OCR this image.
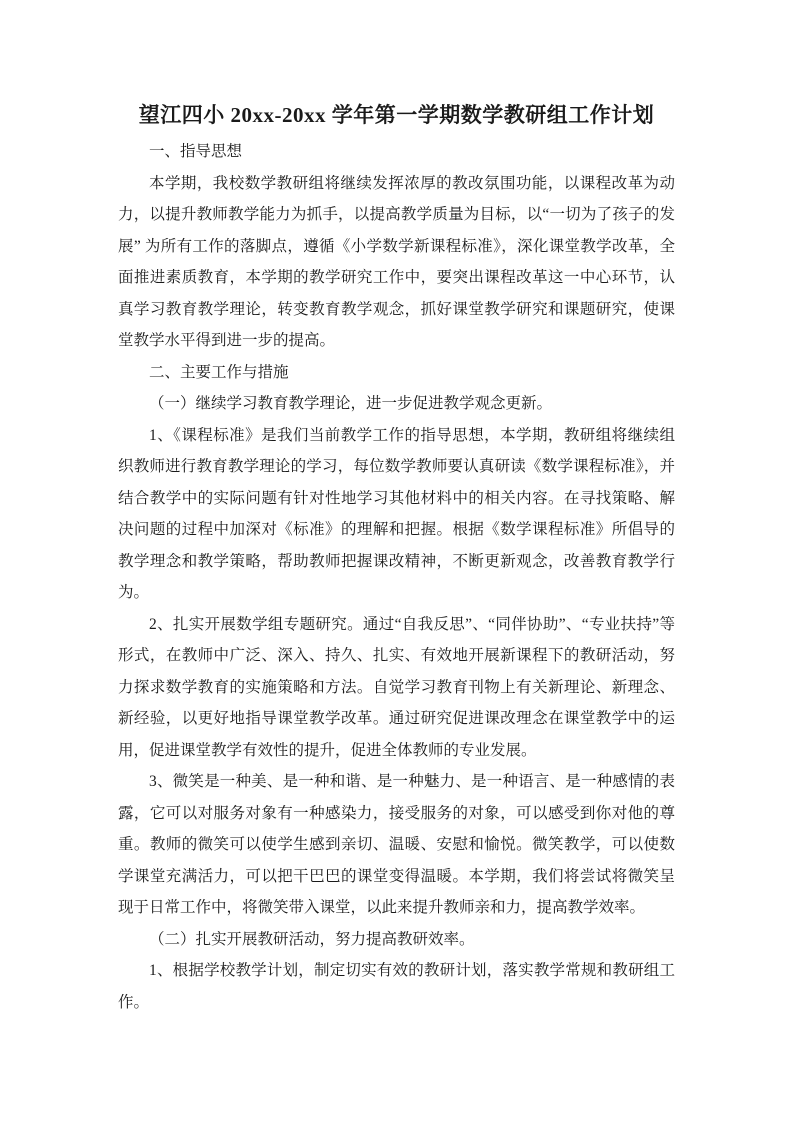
望江四小 20xx-20xx 学年第一学期数学教研组工作计划

一、指导思想

本学期，我校数学教研组将继续发挥浓厚的教改氛围功能，以课程改革为动力，以提升教师教学能力为抓手，以提高教学质量为目标，以“一切为了孩子的发展” 为所有工作的落脚点，遵循《小学数学新课程标准》，深化课堂教学改革，全面推进素质教育，本学期的教学研究工作中，要突出课程改革这一中心环节，认真学习教育教学理论，转变教育教学观念，抓好课堂教学研究和课题研究，使课堂教学水平得到进一步的提高。

二、主要工作与措施

（一）继续学习教育教学理论，进一步促进教学观念更新。

1、《课程标准》是我们当前教学工作的指导思想，本学期，教研组将继续组织教师进行教育教学理论的学习，每位数学教师要认真研读《数学课程标准》，并结合教学中的实际问题有针对性地学习其他材料中的相关内容。在寻找策略、解决问题的过程中加深对《标准》的理解和把握。根据《数学课程标准》所倡导的教学理念和教学策略，帮助教师把握课改精神，不断更新观念，改善教育教学行为。

2、扎实开展数学组专题研究。通过“自我反思”、“同伴协助”、“专业扶持”等形式，在教师中广泛、深入、持久、扎实、有效地开展新课程下的教研活动，努力探求数学教育的实施策略和方法。自觉学习教育刊物上有关新理论、新理念、新经验，以更好地指导课堂教学改革。通过研究促进课改理念在课堂教学中的运用，促进课堂教学有效性的提升，促进全体教师的专业发展。

3、微笑是一种美、是一种和谐、是一种魅力、是一种语言、是一种感情的表露，它可以对服务对象有一种感染力，接受服务的对象，可以感受到你对他的尊重。教师的微笑可以使学生感到亲切、温暖、安慰和愉悦。微笑教学，可以使数学课堂充满活力，可以把干巴巴的课堂变得温暖。本学期，我们将尝试将微笑呈现于日常工作中，将微笑带入课堂，以此来提升教师亲和力，提高教学效率。

（二）扎实开展教研活动，努力提高教研效率。

1、根据学校教学计划，制定切实有效的教研计划，落实教学常规和教研组工作。
